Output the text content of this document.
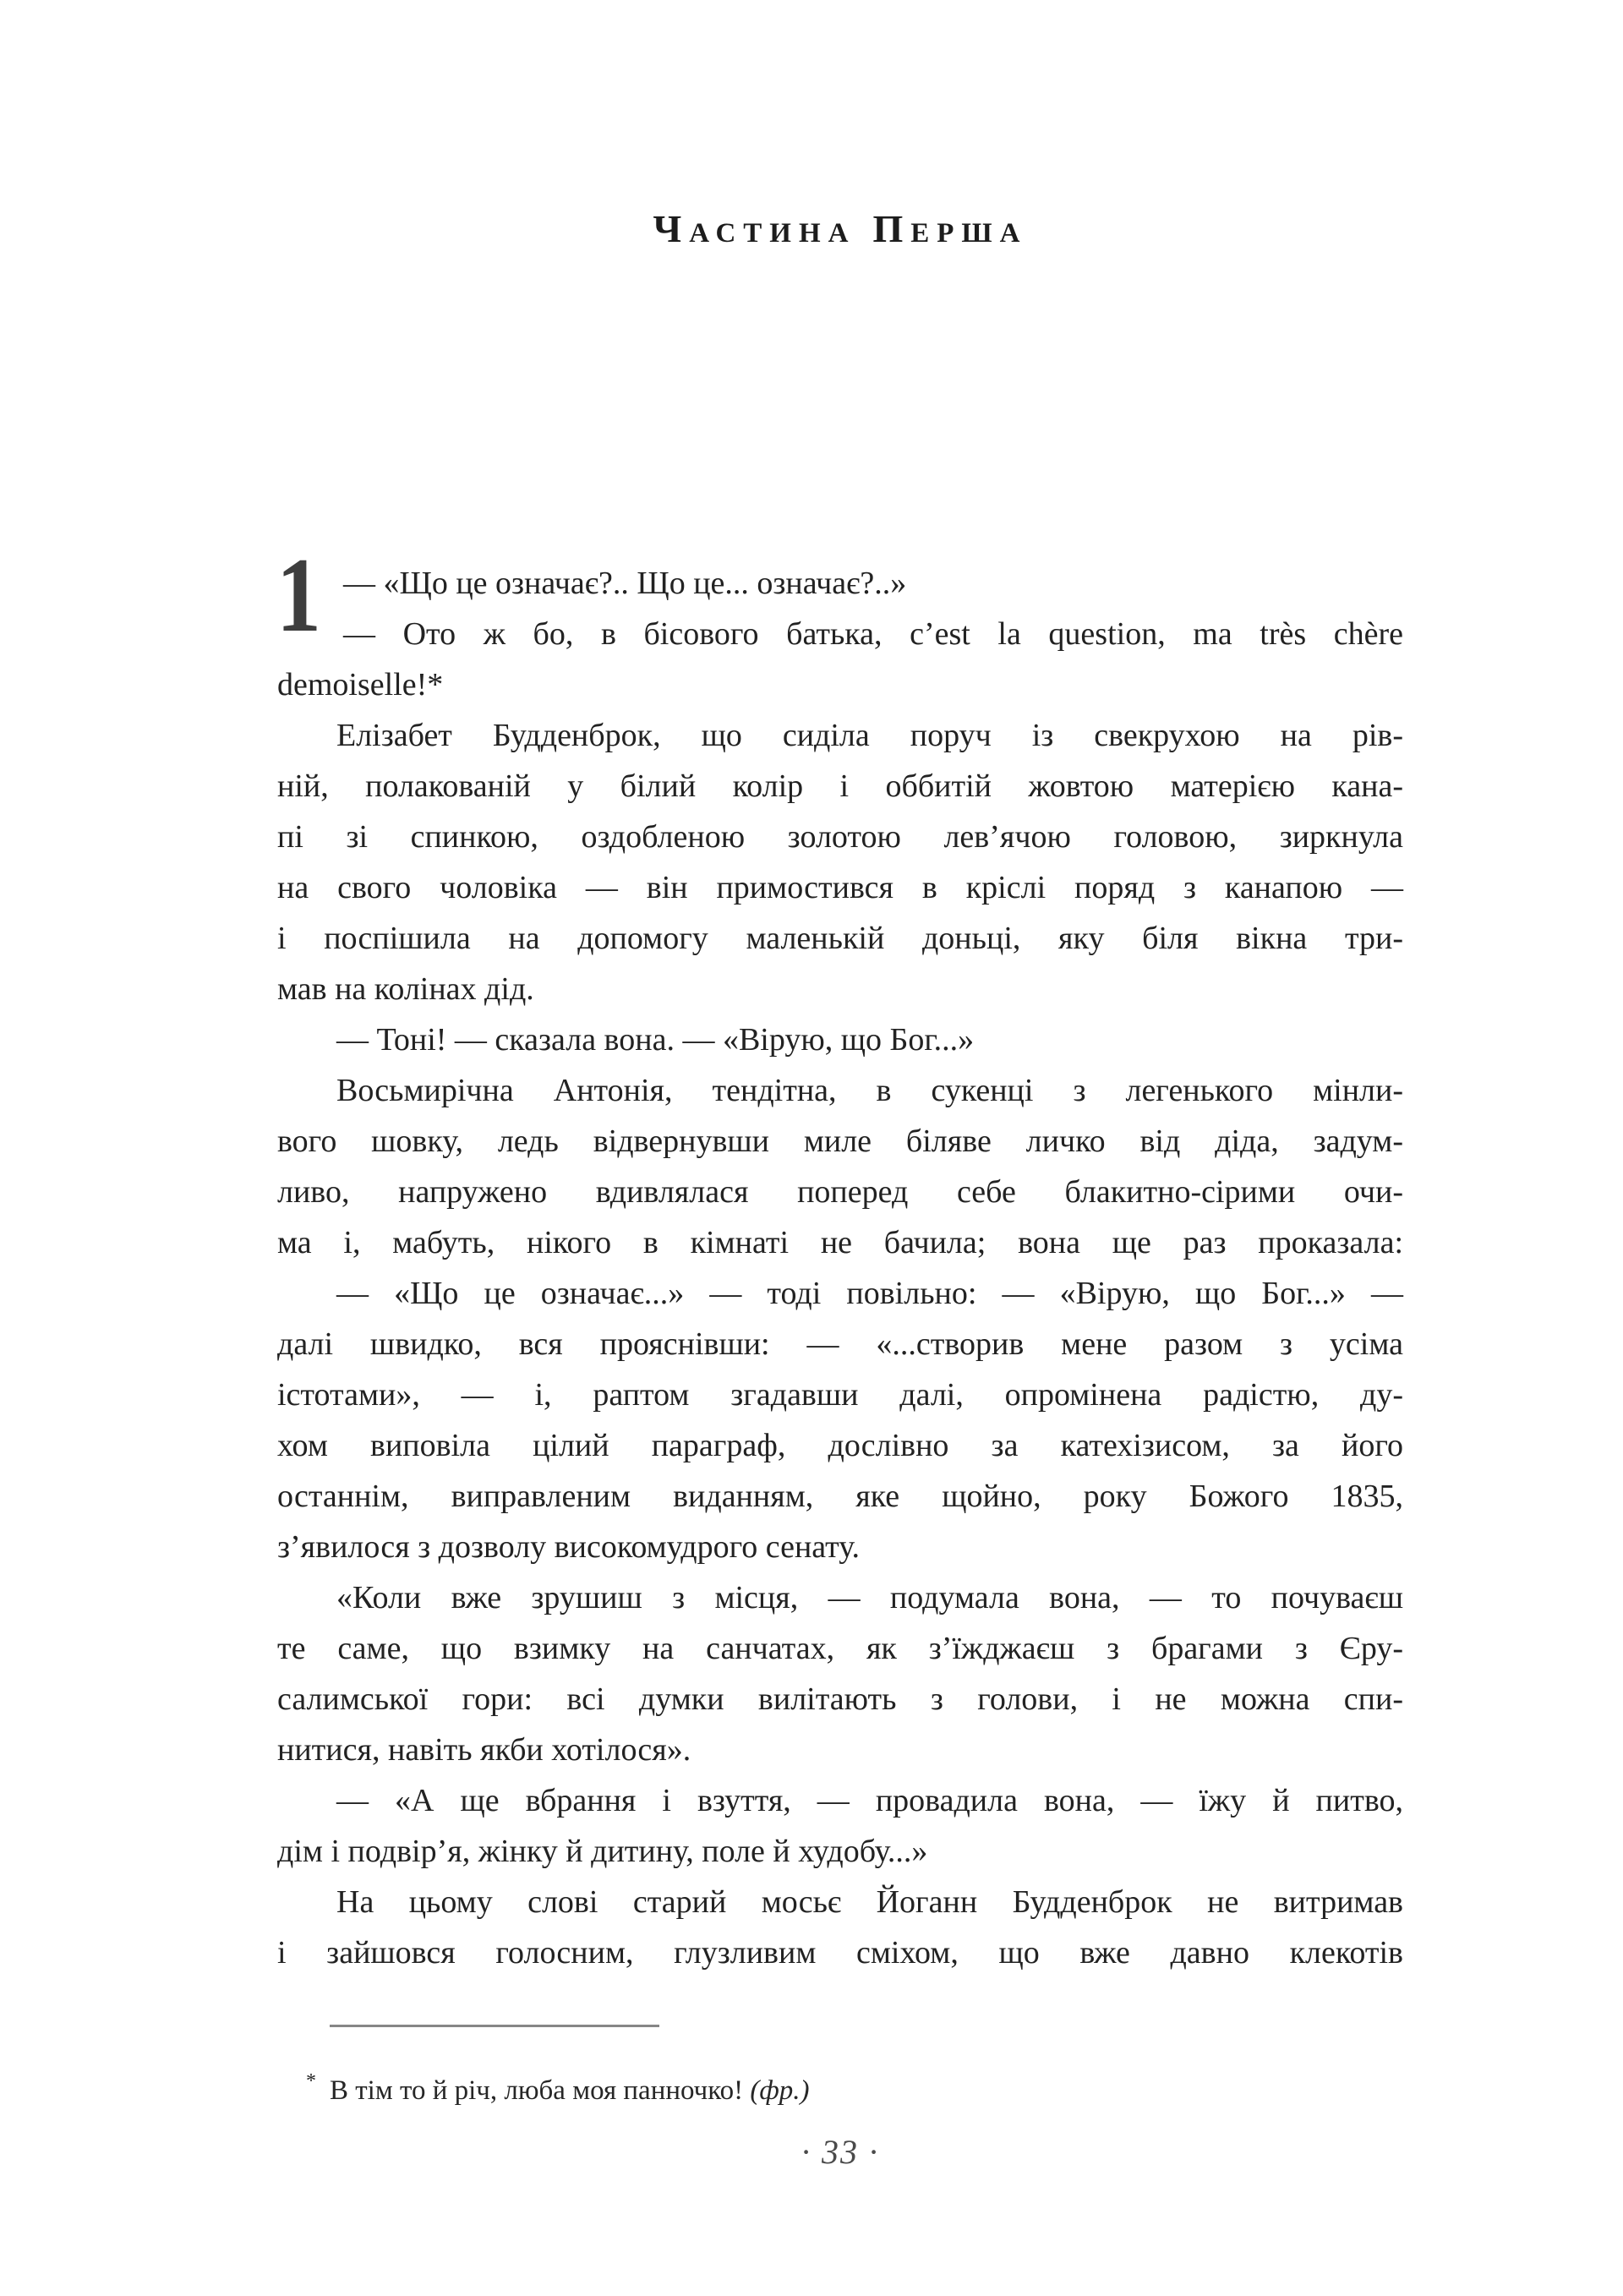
ЧАСТИНА ПЕРША
1 — «Що це означає?.. Що це... означає?..»
— Ото ж бо, в бісового батька, c’est la question, ma très chère
demoiselle!*
Елізабет Будденброк, що сиділа поруч із свекрухою на рів-
ній, полакованій у білий колір і оббитій жовтою матерією кана-
пі зі спинкою, оздобленою золотою лев’ячою головою, зиркнула
на свого чоловіка — він примостився в кріслі поряд з канапою —
і поспішила на допомогу маленькій доньці, яку біля вікна три-
мав на колінах дід.
— Тоні! — сказала вона. — «Вірую, що Бог...»
Восьмирічна Антонія, тендітна, в сукенці з легенького мінли-
вого шовку, ледь відвернувши миле біляве личко від діда, задум-
ливо, напружено вдивлялася поперед себе блакитно-сірими очи-
ма і, мабуть, нікого в кімнаті не бачила; вона ще раз проказала:
— «Що це означає...» — тоді повільно: — «Вірую, що Бог...» —
далі швидко, вся прояснівши: — «...створив мене разом з усіма
істотами», — і, раптом згадавши далі, опромінена радістю, ду-
хом виповіла цілий параграф, дослівно за катехізисом, за його
останнім, виправленим виданням, яке щойно, року Божого 1835,
з’явилося з дозволу високомудрого сенату.
«Коли вже зрушиш з місця, — подумала вона, — то почуваєш
те саме, що взимку на санчатах, як з’їжджаєш з брагами з Єру-
салимської гори: всі думки вилітають з голови, і не можна спи-
нитися, навіть якби хотілося».
— «А ще вбрання і взуття, — провадила вона, — їжу й питво,
дім і подвір’я, жінку й дитину, поле й худобу...»
На цьому слові старий мосьє Йоганн Будденброк не витримав
і зайшовся голосним, глузливим сміхом, що вже давно клекотів
* В тім то й річ, люба моя панночко! (фр.)
· 33 ·
